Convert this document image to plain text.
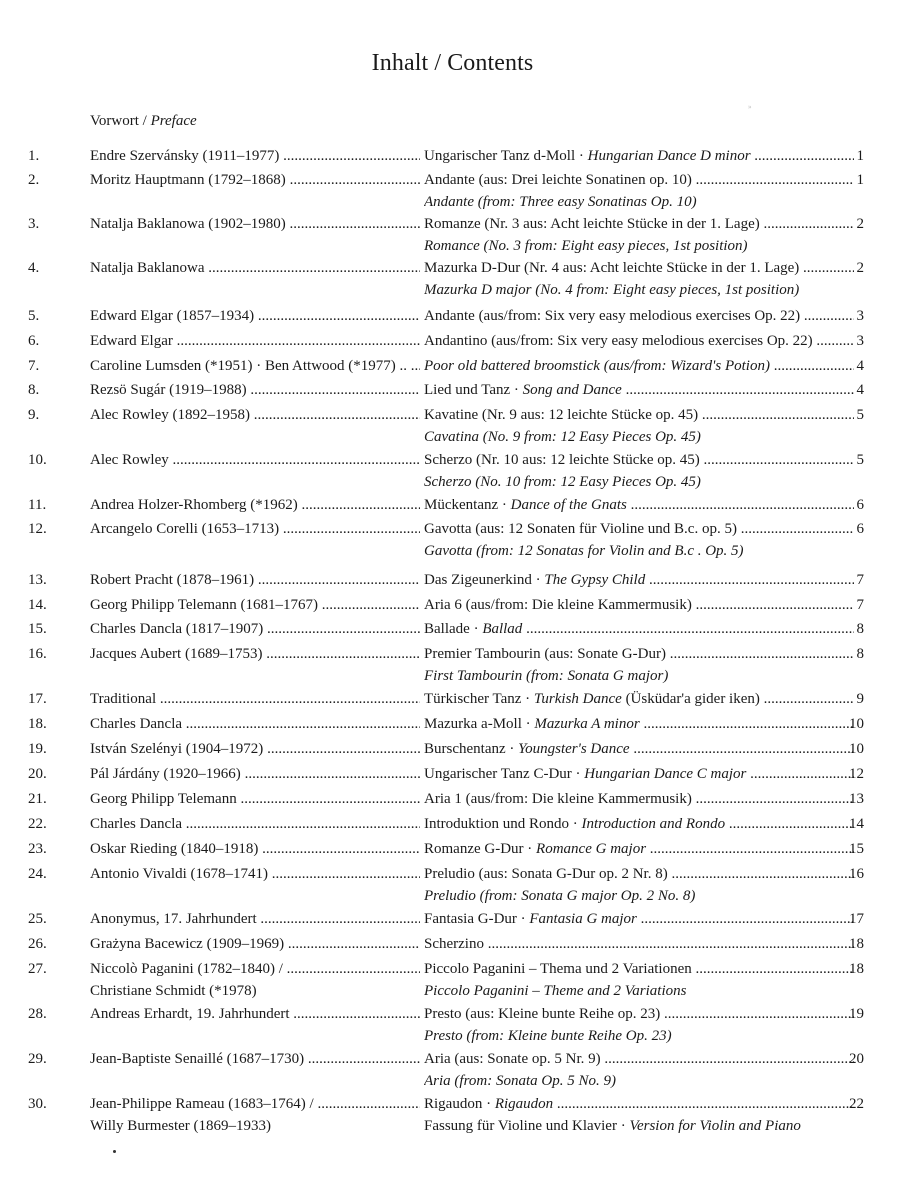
Inhalt / Contents
»
Vorwort / Preface
1.	Endre Szervánsky (1911–1977) .....	Ungarischer Tanz d-Moll · Hungarian Dance D minor .....	1
2.	Moritz Hauptmann (1792–1868) .....	Andante (aus: Drei leichte Sonatinen op. 10) .....	1
Andante (from: Three easy Sonatinas Op. 10)
3.	Natalja Baklanowa (1902–1980) .....	Romanze (Nr. 3 aus: Acht leichte Stücke in der 1. Lage) .....	2
Romance (No. 3 from: Eight easy pieces, 1st position)
4.	Natalja Baklanowa .....	Mazurka D-Dur (Nr. 4 aus: Acht leichte Stücke in der 1. Lage) .....	2
Mazurka D major (No. 4 from: Eight easy pieces, 1st position)
5.	Edward Elgar (1857–1934) .....	Andante (aus/from: Six very easy melodious exercises Op. 22) .....	3
6.	Edward Elgar .....	Andantino (aus/from: Six very easy melodious exercises Op. 22) .....	3
7.	Caroline Lumsden (*1951) · Ben Attwood (*1977) .. .....	Poor old battered broomstick (aus/from: Wizard's Potion) .....	4
8.	Rezsö Sugár (1919–1988) .....	Lied und Tanz · Song and Dance .....	4
9.	Alec Rowley (1892–1958) .....	Kavatine (Nr. 9 aus: 12 leichte Stücke op. 45) .....	5
Cavatina (No. 9 from: 12 Easy Pieces Op. 45)
10.	Alec Rowley .....	Scherzo (Nr. 10 aus: 12 leichte Stücke op. 45) .....	5
Scherzo (No. 10 from: 12 Easy Pieces Op. 45)
11.	Andrea Holzer-Rhomberg (*1962) .....	Mückentanz · Dance of the Gnats .....	6
12.	Arcangelo Corelli (1653–1713) .....	Gavotta (aus: 12 Sonaten für Violine und B.c. op. 5) .....	6
Gavotta (from: 12 Sonatas for Violin and B.c . Op. 5)
13.	Robert Pracht (1878–1961) .....	Das Zigeunerkind · The Gypsy Child .....	7
14.	Georg Philipp Telemann (1681–1767) .....	Aria 6 (aus/from: Die kleine Kammermusik) .....	7
15.	Charles Dancla (1817–1907) .....	Ballade · Ballad .....	8
16.	Jacques Aubert (1689–1753) .....	Premier Tambourin (aus: Sonate G-Dur) .....	8
First Tambourin (from: Sonata G major)
17.	Traditional .....	Türkischer Tanz · Turkish Dance (Üsküdar'a gider iken) .....	9
18.	Charles Dancla .....	Mazurka a-Moll · Mazurka A minor .....	10
19.	István Szelényi (1904–1972) .....	Burschentanz · Youngster's Dance .....	10
20.	Pál Járdány (1920–1966) .....	Ungarischer Tanz C-Dur · Hungarian Dance C major .....	12
21.	Georg Philipp Telemann .....	Aria 1 (aus/from: Die kleine Kammermusik) .....	13
22.	Charles Dancla .....	Introduktion und Rondo · Introduction and Rondo .....	14
23.	Oskar Rieding (1840–1918) .....	Romanze G-Dur · Romance G major .....	15
24.	Antonio Vivaldi (1678–1741) .....	Preludio (aus: Sonata G-Dur op. 2 Nr. 8) .....	16
Preludio (from: Sonata G major Op. 2 No. 8)
25.	Anonymus, 17. Jahrhundert .....	Fantasia G-Dur · Fantasia G major .....	17
26.	Grażyna Bacewicz (1909–1969) .....	Scherzino .....	18
27.	Niccolò Paganini (1782–1840) / .....	Piccolo Paganini – Thema und 2 Variationen .....	18
Christiane Schmidt (*1978)	Piccolo Paganini – Theme and 2 Variations
28.	Andreas Erhardt, 19. Jahrhundert .....	Presto (aus: Kleine bunte Reihe op. 23) .....	19
Presto (from: Kleine bunte Reihe Op. 23)
29.	Jean-Baptiste Senaillé (1687–1730) .....	Aria (aus: Sonate op. 5 Nr. 9) .....	20
Aria (from: Sonata Op. 5 No. 9)
30.	Jean-Philippe Rameau (1683–1764) / .....	Rigaudon · Rigaudon .....	22
Willy Burmester (1869–1933)	Fassung für Violine und Klavier · Version for Violin and Piano
